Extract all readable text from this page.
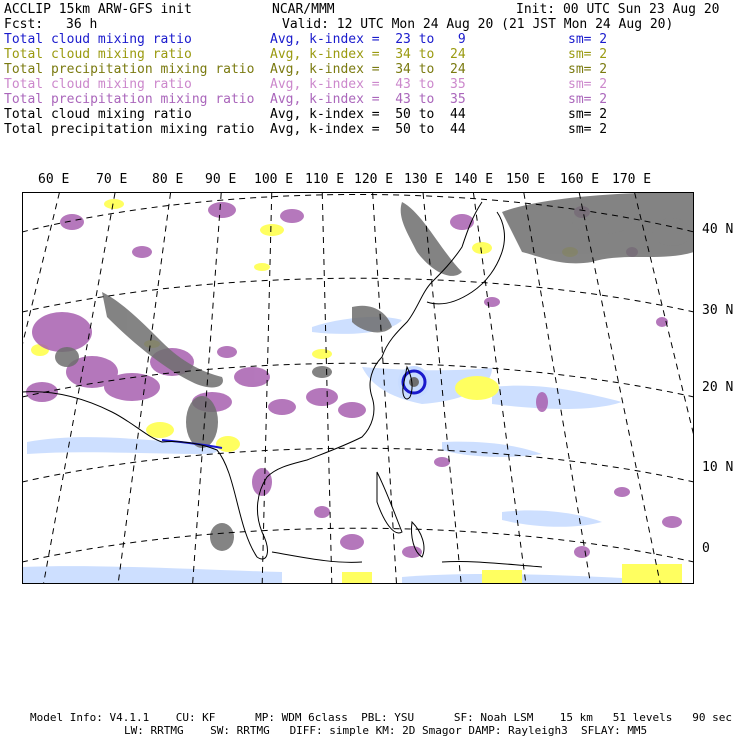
ACCLIP 15km ARW-GFS init	NCAR/MMM	Init: 00 UTC Sun 23 Aug 20
Fcst: 36 h	Valid: 12 UTC Mon 24 Aug 20 (21 JST Mon 24 Aug 20)
Total cloud mixing ratio	Avg, k-index =  23 to   9	sm= 2
Total cloud mixing ratio	Avg, k-index =  34 to  24	sm= 2
Total precipitation mixing ratio Avg, k-index =  34 to  24	sm= 2
Total cloud mixing ratio	Avg, k-index =  43 to  35	sm= 2
Total precipitation mixing ratio Avg, k-index =  43 to  35	sm= 2
Total cloud mixing ratio	Avg, k-index =  50 to  44	sm= 2
Total precipitation mixing ratio Avg, k-index =  50 to  44	sm= 2
60 E 70 E 80 E 90 E 100 E 110 E 120 E 130 E 140 E 150 E 160 E 170 E
40 N
30 N
20 N
10 N
0
Model Info: V4.1.1    CU: KF      MP: WDM 6class  PBL: YSU      SF: Noah LSM    15 km   51 levels   90 sec
LW: RRTMG    SW: RRTMG   DIFF: simple KM: 2D Smagor DAMP: Rayleigh3  SFLAY: MM5
